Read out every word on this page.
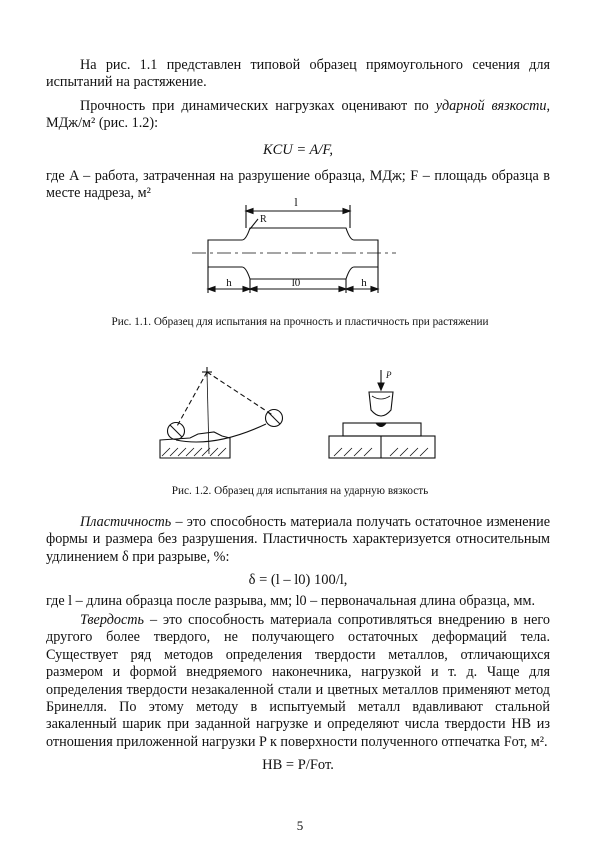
На рис. 1.1 представлен типовой образец прямоугольного сечения для испытаний на растяжение.

Прочность при динамических нагрузках оценивают по ударной вязкости, МДж/м² (рис. 1.2):

KCU = A/F,

где A – работа, затраченная на разрушение образца, МДж; F – площадь образца в месте надреза, м²

l
R
l0
h	h
Рис. 1.1. Образец для испытания на прочность и пластичность при растяжении
P
Рис. 1.2. Образец для испытания на ударную вязкость

Пластичность – это способность материала получать остаточное изменение формы и размера без разрушения. Пластичность характеризуется относительным удлинением δ при разрыве, %:

δ = (l – l0) 100/l,

где l – длина образца после разрыва, мм; l0 – первоначальная длина образца, мм.

Твердость – это способность материала сопротивляться внедрению в него другого более твердого, не получающего остаточных деформаций тела. Существует ряд методов определения твердости металлов, отличающихся размером и формой внедряемого наконечника, нагрузкой и т. д. Чаще для определения твердости незакаленной стали и цветных металлов применяют метод Бринелля. По этому методу в испытуемый металл вдавливают стальной закаленный шарик при заданной нагрузке и определяют числа твердости HB из отношения приложенной нагрузки P к поверхности полученного отпечатка Fот, м².

HB = P/Fот.

5
